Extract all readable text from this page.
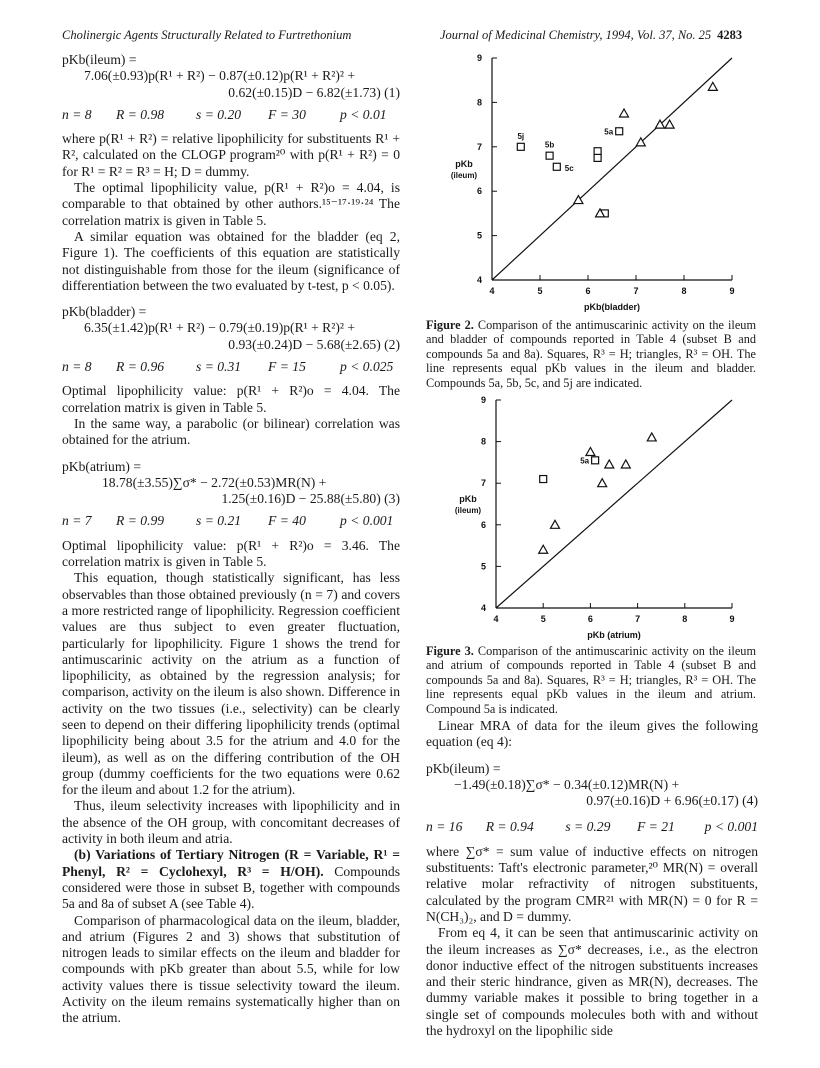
Cholinergic Agents Structurally Related to Furtrethonium	Journal of Medicinal Chemistry, 1994, Vol. 37, No. 25 4283
pKb(ileum) =
7.06(±0.93)p(R¹ + R²) − 0.87(±0.12)p(R¹ + R²)² +
0.62(±0.15)D − 6.82(±1.73) (1)
n = 8	R = 0.98	s = 0.20	F = 30	p < 0.01

where p(R¹ + R²) = relative lipophilicity for substituents R¹ + R², calculated on the CLOGP program²⁰ with p(R¹ + R²) = 0 for R¹ = R² = R³ = H; D = dummy.

The optimal lipophilicity value, p(R¹ + R²)o = 4.04, is comparable to that obtained by other authors.¹⁵⁻¹⁷·¹⁹·²⁴ The correlation matrix is given in Table 5.

A similar equation was obtained for the bladder (eq 2, Figure 1). The coefficients of this equation are statistically not distinguishable from those for the ileum (significance of differentiation between the two evaluated by t-test, p < 0.05).

pKb(bladder) =
6.35(±1.42)p(R¹ + R²) − 0.79(±0.19)p(R¹ + R²)² +
0.93(±0.24)D − 5.68(±2.65) (2)
n = 8	R = 0.96	s = 0.31	F = 15	p < 0.025

Optimal lipophilicity value: p(R¹ + R²)o = 4.04. The correlation matrix is given in Table 5.

In the same way, a parabolic (or bilinear) correlation was obtained for the atrium.

pKb(atrium) =
18.78(±3.55)∑σ* − 2.72(±0.53)MR(N) +
1.25(±0.16)D − 25.88(±5.80) (3)
n = 7	R = 0.99	s = 0.21	F = 40	p < 0.001

Optimal lipophilicity value: p(R¹ + R²)o = 3.46. The correlation matrix is given in Table 5.

This equation, though statistically significant, has less observables than those obtained previously (n = 7) and covers a more restricted range of lipophilicity. Regression coefficient values are thus subject to even greater fluctuation, particularly for lipophilicity. Figure 1 shows the trend for antimuscarinic activity on the atrium as a function of lipophilicity, as obtained by the regression analysis; for comparison, activity on the ileum is also shown. Difference in activity on the two tissues (i.e., selectivity) can be clearly seen to depend on their differing lipophilicity trends (optimal lipophilicity being about 3.5 for the atrium and 4.0 for the ileum), as well as on the differing contribution of the OH group (dummy coefficients for the two equations were 0.62 for the ileum and about 1.2 for the atrium).

Thus, ileum selectivity increases with lipophilicity and in the absence of the OH group, with concomitant decreases of activity in both ileum and atria.

(b) Variations of Tertiary Nitrogen (R = Variable, R¹ = Phenyl, R² = Cyclohexyl, R³ = H/OH). Compounds considered were those in subset B, together with compounds 5a and 8a of subset A (see Table 4).

Comparison of pharmacological data on the ileum, bladder, and atrium (Figures 2 and 3) shows that substitution of nitrogen leads to similar effects on the ileum and bladder for compounds with pKb greater than about 5.5, while for low activity values there is tissue selectivity toward the ileum. Activity on the ileum remains systematically higher than on the atrium.

4	5	6	7	8	9
4
5
6
7
8
9
pKb(bladder)
pKb
(ileum)
5j
5b
5c
5a
Figure 2. Comparison of the antimuscarinic activity on the ileum and bladder of compounds reported in Table 4 (subset B and compounds 5a and 8a). Squares, R³ = H; triangles, R³ = OH. The line represents equal pKb values in the ileum and bladder. Compounds 5a, 5b, 5c, and 5j are indicated.
4	5	6	7	8	9
4
5
6
7
8
9
pKb (atrium)
pKb
(ileum)
5a
Figure 3. Comparison of the antimuscarinic activity on the ileum and atrium of compounds reported in Table 4 (subset B and compounds 5a and 8a). Squares, R³ = H; triangles, R³ = OH. The line represents equal pKb values in the ileum and atrium. Compound 5a is indicated.

Linear MRA of data for the ileum gives the following equation (eq 4):

pKb(ileum) =
−1.49(±0.18)∑σ* − 0.34(±0.12)MR(N) +
0.97(±0.16)D + 6.96(±0.17) (4)
n = 16	R = 0.94	s = 0.29	F = 21	p < 0.001

where ∑σ* = sum value of inductive effects on nitrogen substituents: Taft's electronic parameter,²⁰ MR(N) = overall relative molar refractivity of nitrogen substituents, calculated by the program CMR²¹ with MR(N) = 0 for R = N(CH₃)₂, and D = dummy.

From eq 4, it can be seen that antimuscarinic activity on the ileum increases as ∑σ* decreases, i.e., as the electron donor inductive effect of the nitrogen substituents increases and their steric hindrance, given as MR(N), decreases. The dummy variable makes it possible to bring together in a single set of compounds molecules both with and without the hydroxyl on the lipophilic side
